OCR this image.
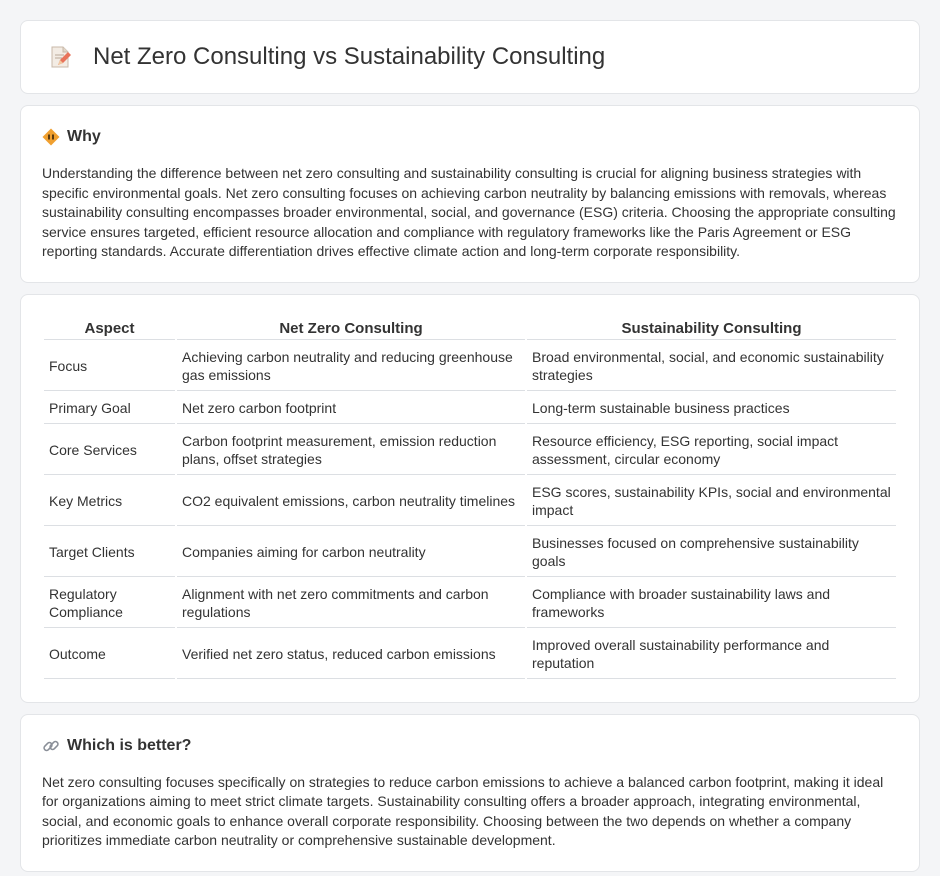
Net Zero Consulting vs Sustainability Consulting
Why

Understanding the difference between net zero consulting and sustainability consulting is crucial for aligning business strategies with specific environmental goals. Net zero consulting focuses on achieving carbon neutrality by balancing emissions with removals, whereas sustainability consulting encompasses broader environmental, social, and governance (ESG) criteria. Choosing the appropriate consulting service ensures targeted, efficient resource allocation and compliance with regulatory frameworks like the Paris Agreement or ESG reporting standards. Accurate differentiation drives effective climate action and long-term corporate responsibility.

Aspect	Net Zero Consulting	Sustainability Consulting
Focus	Achieving carbon neutrality and reducing greenhouse gas emissions	Broad environmental, social, and economic sustainability strategies
Primary Goal	Net zero carbon footprint	Long-term sustainable business practices
Core Services	Carbon footprint measurement, emission reduction plans, offset strategies	Resource efficiency, ESG reporting, social impact assessment, circular economy
Key Metrics	CO2 equivalent emissions, carbon neutrality timelines	ESG scores, sustainability KPIs, social and environmental impact
Target Clients	Companies aiming for carbon neutrality	Businesses focused on comprehensive sustainability goals
Regulatory Compliance	Alignment with net zero commitments and carbon regulations	Compliance with broader sustainability laws and frameworks
Outcome	Verified net zero status, reduced carbon emissions	Improved overall sustainability performance and reputation
Which is better?

Net zero consulting focuses specifically on strategies to reduce carbon emissions to achieve a balanced carbon footprint, making it ideal for organizations aiming to meet strict climate targets. Sustainability consulting offers a broader approach, integrating environmental, social, and economic goals to enhance overall corporate responsibility. Choosing between the two depends on whether a company prioritizes immediate carbon neutrality or comprehensive sustainable development.
